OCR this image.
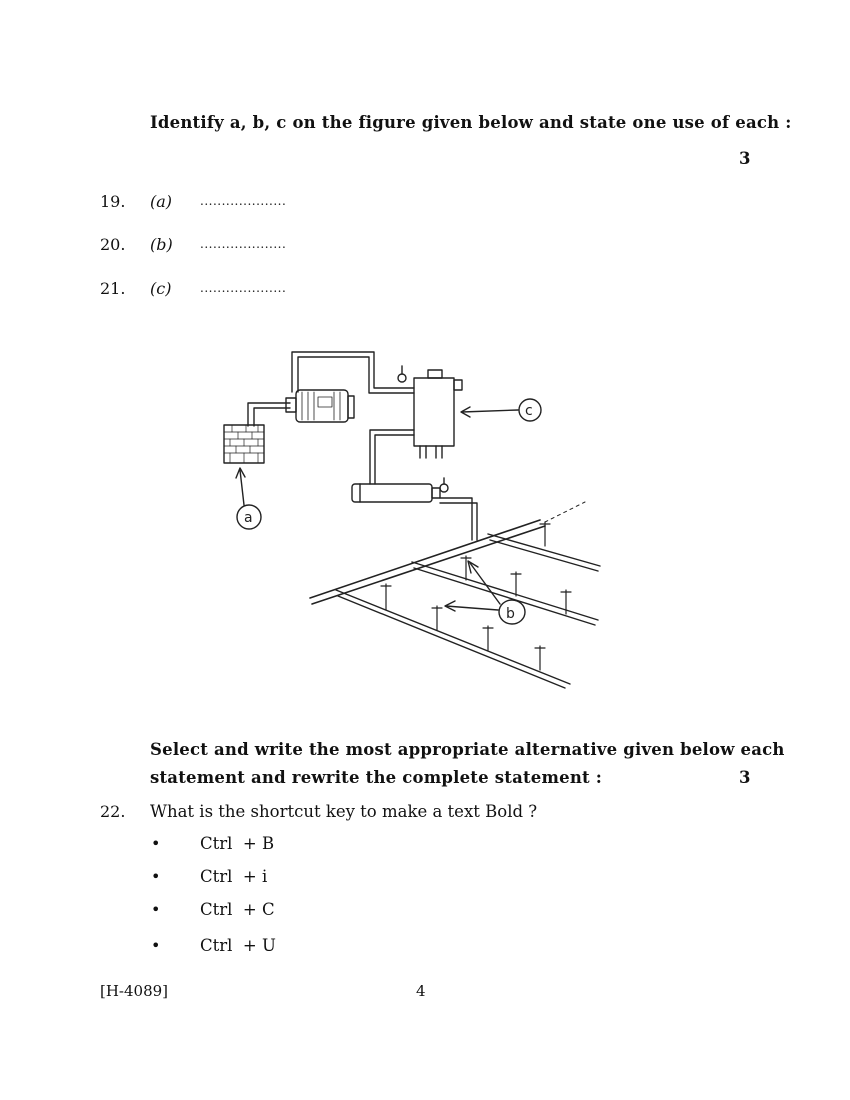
Identify a, b, c on the figure given below and state one use of each :
3
19. (a) ....................
20. (b) ....................
21. (c) ....................
a
b
c
Select and write the most appropriate alternative given below each
statement and rewrite the complete statement :	3
22. What is the shortcut key to make a text Bold ?
• Ctrl  + B
• Ctrl  + i
• Ctrl  + C
• Ctrl  + U
[H-4089]	4
